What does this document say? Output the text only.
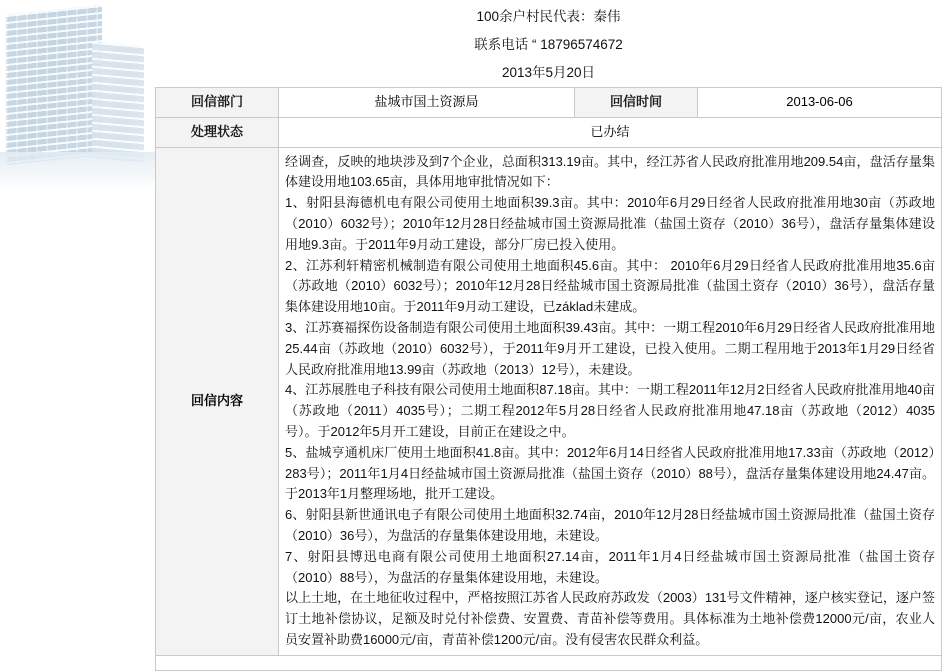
100余户村民代表：秦伟
联系电话 “ 18796574672
2013年5月20日
回信部门	盐城市国土资源局	回信时间	2013-06-06
处理状态	已办结		
回信内容	

经调查，反映的地块涉及到7个企业，总面积313.19亩。其中，经江苏省人民政府批准用地209.54亩，盘活存量集体建设用地103.65亩，具体用地审批情况如下：

1、射阳县海德机电有限公司使用土地面积39.3亩。其中：2010年6月29日经省人民政府批准用地30亩（苏政地（2010）6032号）；2010年12月28日经盐城市国土资源局批准（盐国土资存（2010）36号），盘活存量集体建设用地9.3亩。于2011年9月动工建设，部分厂房已投入使用。

2、江苏利轩精密机械制造有限公司使用土地面积45.6亩。其中： 2010年6月29日经省人民政府批准用地35.6亩（苏政地（2010）6032号）；2010年12月28日经盐城市国土资源局批准（盐国土资存（2010）36号），盘活存量集体建设用地10亩。于2011年9月动工建设，已základ未建成。

3、江苏赛福探伤设备制造有限公司使用土地面积39.43亩。其中：一期工程2010年6月29日经省人民政府批准用地25.44亩（苏政地（2010）6032号），于2011年9月开工建设，已投入使用。二期工程用地于2013年1月29日经省人民政府批准用地13.99亩（苏政地（2013）12号），未建设。

4、江苏展胜电子科技有限公司使用土地面积87.18亩。其中：一期工程2011年12月2日经省人民政府批准用地40亩（苏政地（2011）4035号）；二期工程2012年5月28日经省人民政府批准用地47.18亩（苏政地（2012）4035号）。于2012年5月开工建设，目前正在建设之中。

5、盐城亨通机床厂使用土地面积41.8亩。其中：2012年6月14日经省人民政府批准用地17.33亩（苏政地（2012）283号）；2011年1月4日经盐城市国土资源局批准（盐国土资存（2010）88号），盘活存量集体建设用地24.47亩。于2013年1月整理场地，批开工建设。

6、射阳县新世通讯电子有限公司使用土地面积32.74亩，2010年12月28日经盐城市国土资源局批准（盐国土资存（2010）36号），为盘活的存量集体建设用地，未建设。

7、射阳县博迅电商有限公司使用土地面积27.14亩，2011年1月4日经盐城市国土资源局批准（盐国土资存（2010）88号），为盘活的存量集体建设用地，未建设。

以上土地，在土地征收过程中，严格按照江苏省人民政府苏政发（2003）131号文件精神，逐户核实登记，逐户签订土地补偿协议，足额及时兑付补偿费、安置费、青苗补偿等费用。具体标准为土地补偿费12000元/亩，农业人员安置补助费16000元/亩，青苗补偿1200元/亩。没有侵害农民群众利益。
